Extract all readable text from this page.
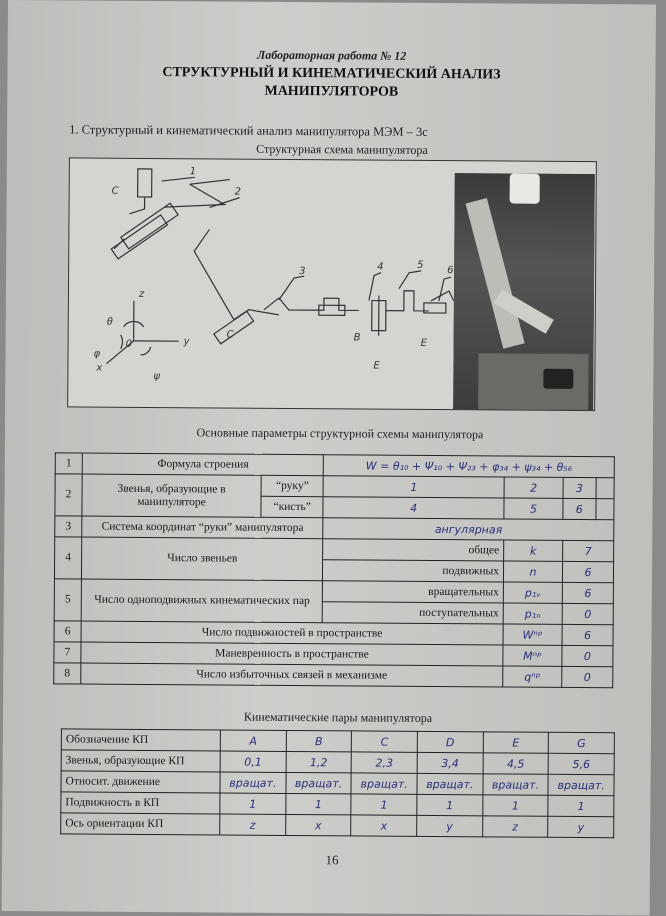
Лабораторная работа № 12
СТРУКТУРНЫЙ И КИНЕМАТИЧЕСКИЙ АНАЛИЗ
МАНИПУЛЯТОРОВ
1. Структурный и кинематический анализ манипулятора МЭМ – 3с
Структурная схема манипулятора
1
2
3	4	5 6
C
C	B	E
E
z
y
x
0
θ
φ
ψ
Основные параметры структурной схемы манипулятора
1	Формула строения		W = θ₁₀ + Ψ₁₀ + Ψ₂₃ + φ₃₄ + ψ₃₄ + θ₅₆			
2	Звенья, образующие в манипуляторе	“руку”	1	2	3	
		“кисть”	4	5	6	
3	Система координат “руки” манипулятора		ангулярная			
4	Число звеньев		общее	k	7	
			подвижных	n	6	
5	Число одноподвижных кинематических пар		вращательных	p₁ᵥ	6	
			поступательных	p₁ₙ	0	
6	Число подвижностей в пространстве			Wⁿᵖ	6	
7	Маневренность в пространстве			Mⁿᵖ	0	
8	Число избыточных связей в механизме			qⁿᵖ	0	
Кинематические пары манипулятора
Обозначение КП	A	B	C	D	E	G
Звенья, образующие КП	0,1	1,2	2,3	3,4	4,5	5,6
Относит. движение	вращат.	вращат.	вращат.	вращат.	вращат.	вращат.
Подвижность в КП	1	1	1	1	1	1
Ось ориентации КП	z	x	x	y	z	y
16
